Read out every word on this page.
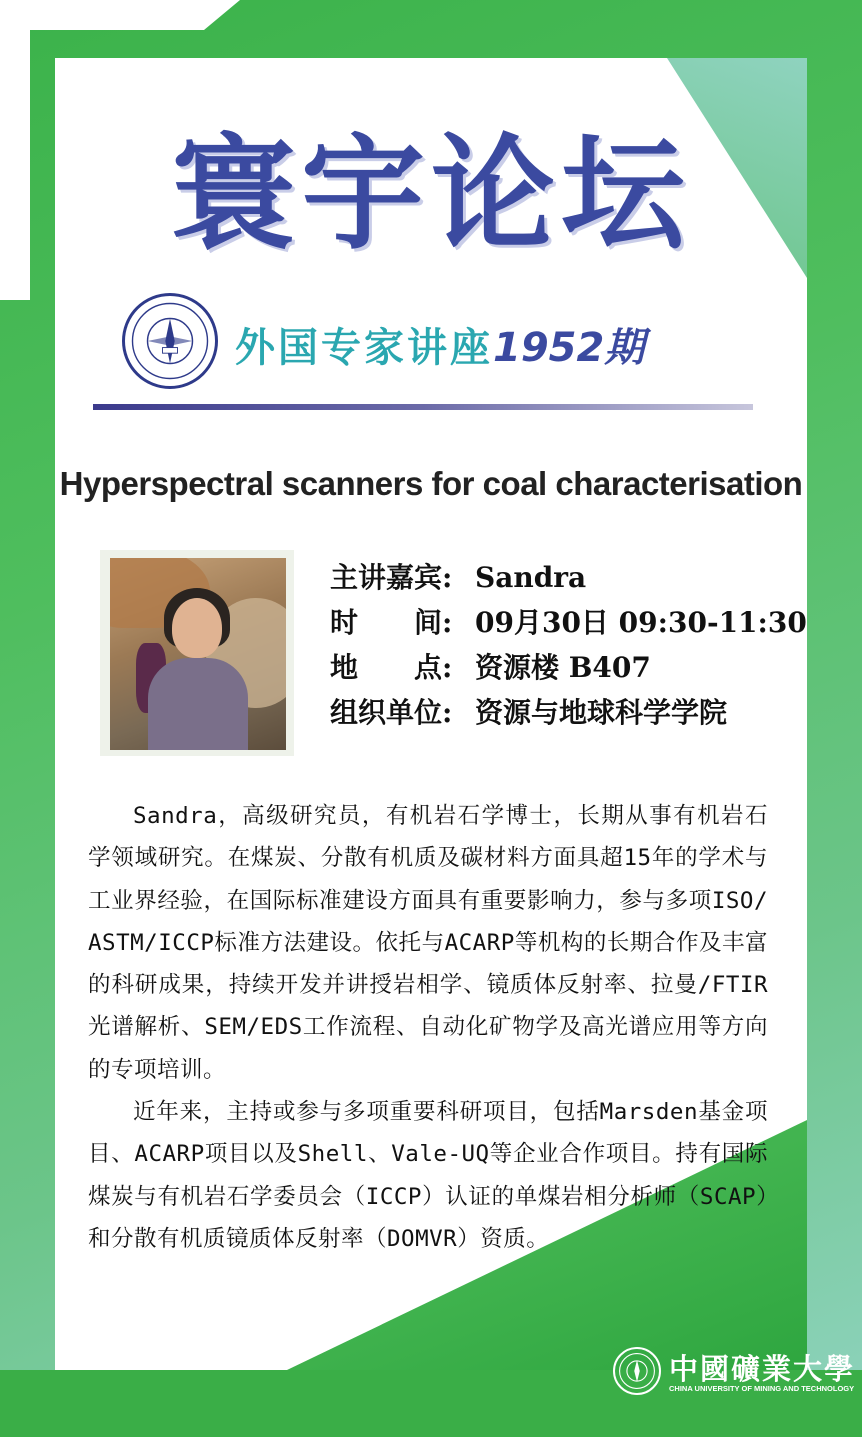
寰宇论坛
外国专家讲座1952期
Hyperspectral scanners for coal characterisation
主讲嘉宾: Sandra
时　　间: 09月30日 09:30-11:30
地　　点: 资源楼 B407
组织单位: 资源与地球科学学院

Sandra，高级研究员，有机岩石学博士，长期从事有机岩石学领域研究。在煤炭、分散有机质及碳材料方面具超15年的学术与工业界经验，在国际标准建设方面具有重要影响力，参与多项ISO/ASTM/ICCP标准方法建设。依托与ACARP等机构的长期合作及丰富的科研成果，持续开发并讲授岩相学、镜质体反射率、拉曼/FTIR光谱解析、SEM/EDS工作流程、自动化矿物学及高光谱应用等方向的专项培训。

近年来，主持或参与多项重要科研项目，包括Marsden基金项目、ACARP项目以及Shell、Vale-UQ等企业合作项目。持有国际煤炭与有机岩石学委员会（ICCP）认证的单煤岩相分析师（SCAP）和分散有机质镜质体反射率（DOMVR）资质。

中國礦業大學
CHINA UNIVERSITY OF MINING AND TECHNOLOGY
